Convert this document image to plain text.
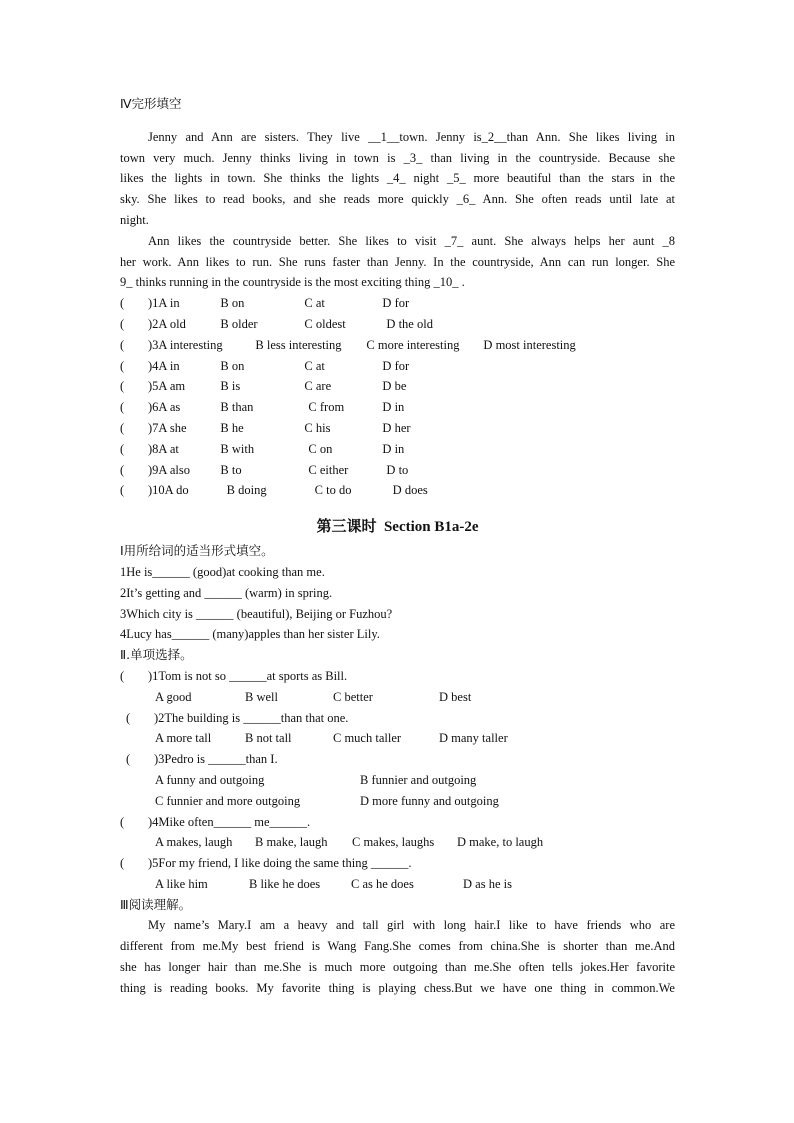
Ⅳ完形填空
Jenny and Ann are sisters. They live __1__town. Jenny is_2__than Ann. She likes living in
town very much. Jenny thinks living in town is _3_ than living in the countryside. Because she
likes the lights in town. She thinks the lights _4_ night _5_ more beautiful than the stars in the
sky. She likes to read books, and she reads more quickly _6_ Ann. She often reads until late at
night.
Ann likes the countryside better. She likes to visit _7_ aunt. She always helps her aunt _8
her work. Ann likes to run. She runs faster than Jenny. In the countryside, Ann can run longer. She
9_ thinks running in the countryside is the most exciting thing _10_ .
( )1A in	B on	C at	D for
( )2A old	B older	C oldest	D the old
( )3A interesting	B less interesting C more interesting D most interesting
( )4A in	B on	C at	D for
( )5A am	B is	C are	D be
( )6A as	B than	C from	D in
( )7A she	B he	C his	D her
( )8A at	B with	C on	D in
( )9A also B to	C either	D to
( )10A do	B doing	C to do	D does
第三课时 Section B1a-2e
Ⅰ用所给词的适当形式填空。
1He is______ (good)at cooking than me.
2It’s getting and ______ (warm) in spring.
3Which city is ______ (beautiful), Beijing or Fuzhou?
4Lucy has______ (many)apples than her sister Lily.
Ⅱ.单项选择。
( )1Tom is not so ______at sports as Bill.
A good	B well	C better	D best
( )2The building is ______than that one.
A more tall	B not tall	C much taller	D many taller
( )3Pedro is ______than I.
A funny and outgoing	B funnier and outgoing
C funnier and more outgoing	D more funny and outgoing
( )4Mike often______ me______.
A makes, laugh	B make, laugh	C makes, laughs	D make, to laugh
( )5For my friend, I like doing the same thing ______.
A like him	B like he does	C as he does	D as he is
Ⅲ阅读理解。
My name’s Mary.I am a heavy and tall girl with long hair.I like to have friends who are
different from me.My best friend is Wang Fang.She comes from china.She is shorter than me.And
she has longer hair than me.She is much more outgoing than me.She often tells jokes.Her favorite
thing is reading books. My favorite thing is playing chess.But we have one thing in common.We
